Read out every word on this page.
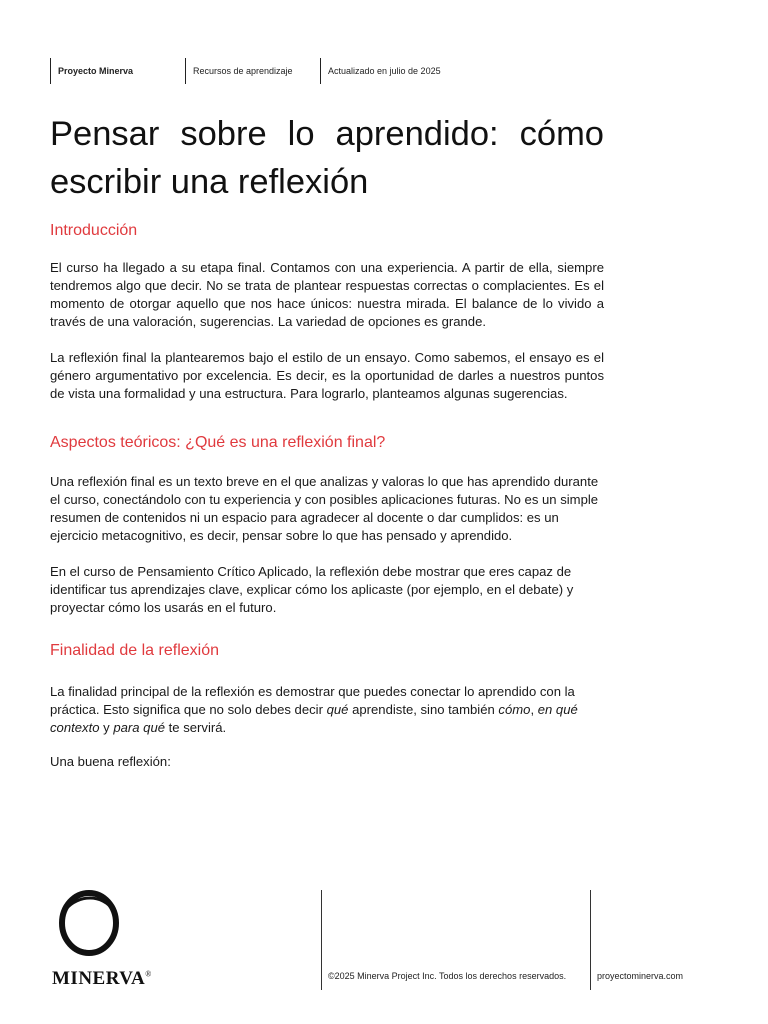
Proyecto Minerva	Recursos de aprendizaje	Actualizado en julio de 2025
Pensar sobre lo aprendido: cómo escribir una reflexión
Introducción

El curso ha llegado a su etapa final. Contamos con una experiencia. A partir de ella, siempre tendremos algo que decir. No se trata de plantear respuestas correctas o complacientes. Es el momento de otorgar aquello que nos hace únicos: nuestra mirada. El balance de lo vivido a través de una valoración, sugerencias. La variedad de opciones es grande.

La reflexión final la plantearemos bajo el estilo de un ensayo. Como sabemos, el ensayo es el género argumentativo por excelencia. Es decir, es la oportunidad de darles a nuestros puntos de vista una formalidad y una estructura. Para lograrlo, planteamos algunas sugerencias.

Aspectos teóricos: ¿Qué es una reflexión final?

Una reflexión final es un texto breve en el que analizas y valoras lo que has aprendido durante el curso, conectándolo con tu experiencia y con posibles aplicaciones futuras. No es un simple resumen de contenidos ni un espacio para agradecer al docente o dar cumplidos: es un ejercicio metacognitivo, es decir, pensar sobre lo que has pensado y aprendido.

En el curso de Pensamiento Crítico Aplicado, la reflexión debe mostrar que eres capaz de identificar tus aprendizajes clave, explicar cómo los aplicaste (por ejemplo, en el debate) y proyectar cómo los usarás en el futuro.

Finalidad de la reflexión

La finalidad principal de la reflexión es demostrar que puedes conectar lo aprendido con la práctica. Esto significa que no solo debes decir qué aprendiste, sino también cómo, en qué contexto y para qué te servirá.

Una buena reflexión:

MINERVA®	©2025 Minerva Project Inc. Todos los derechos reservados.	proyectominerva.com
